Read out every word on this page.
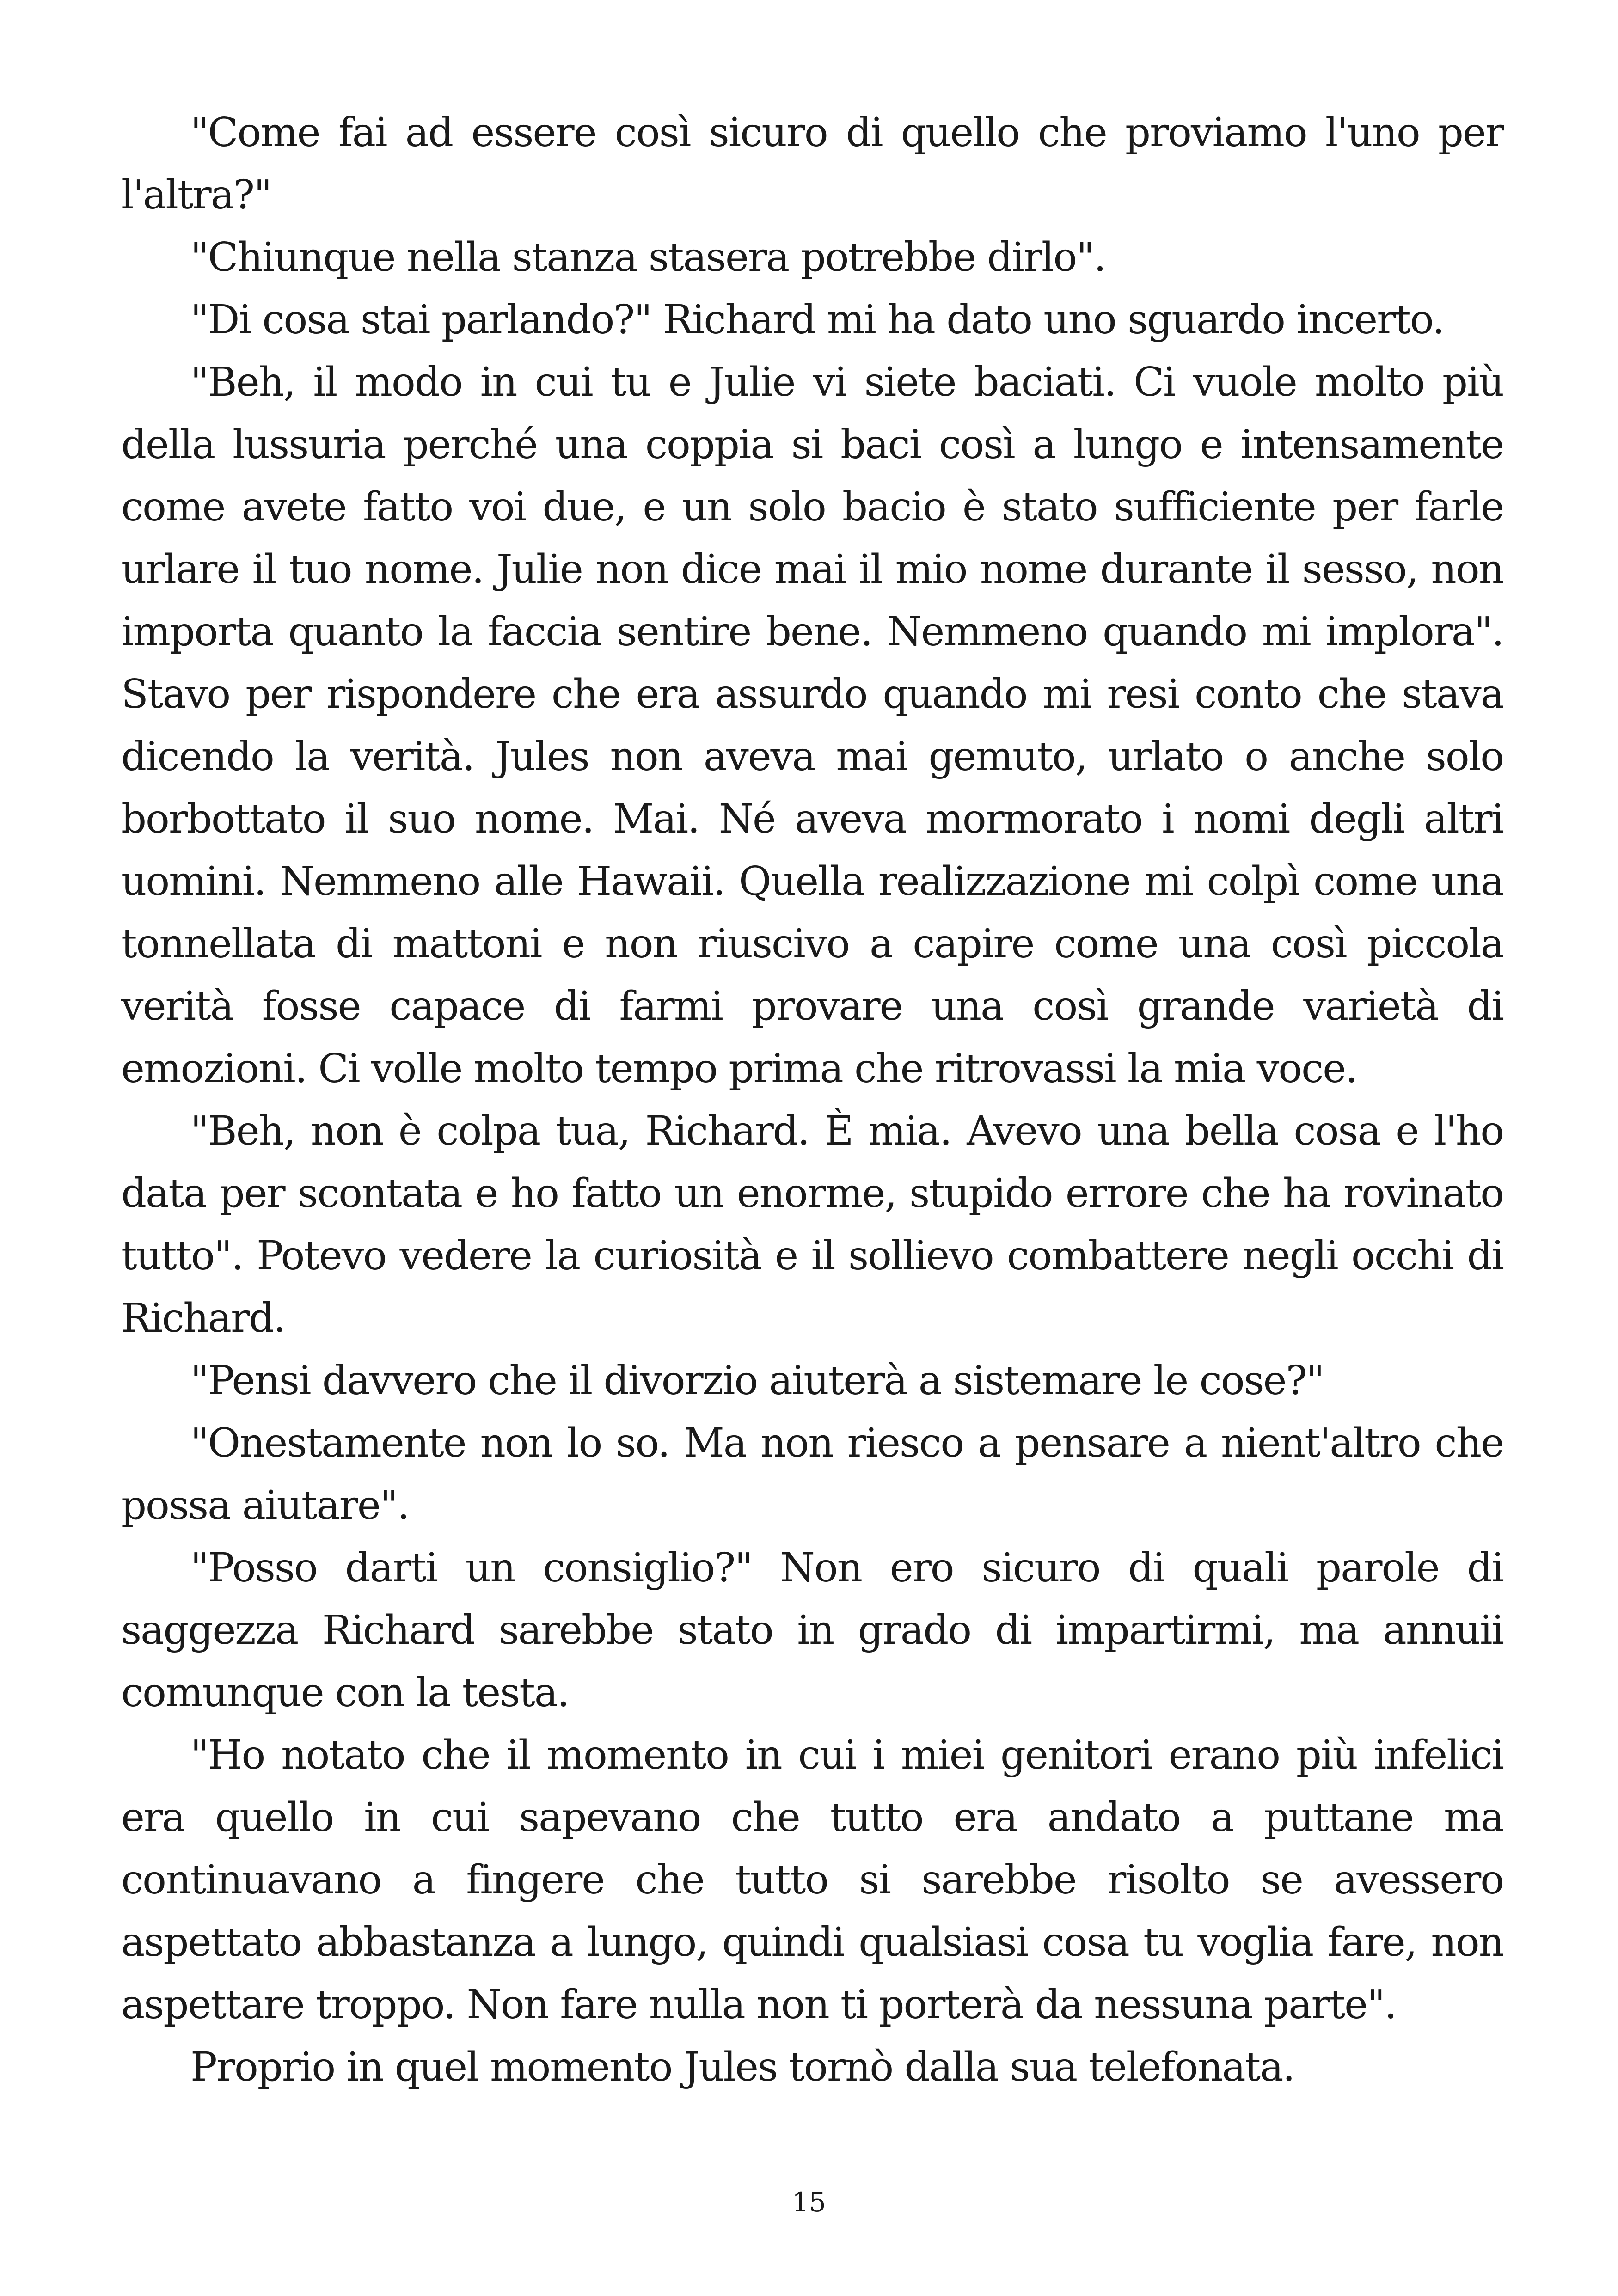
"Come fai ad essere così sicuro di quello che proviamo l'uno per l'altra?"

"Chiunque nella stanza stasera potrebbe dirlo".

"Di cosa stai parlando?" Richard mi ha dato uno sguardo incerto.

"Beh, il modo in cui tu e Julie vi siete baciati. Ci vuole molto più della lussuria perché una coppia si baci così a lungo e intensamente come avete fatto voi due, e un solo bacio è stato sufficiente per farle urlare il tuo nome. Julie non dice mai il mio nome durante il sesso, non importa quanto la faccia sentire bene. Nemmeno quando mi implora". Stavo per rispondere che era assurdo quando mi resi conto che stava dicendo la verità. Jules non aveva mai gemuto, urlato o anche solo borbottato il suo nome. Mai. Né aveva mormorato i nomi degli altri uomini. Nemmeno alle Hawaii. Quella realizzazione mi colpì come una tonnellata di mattoni e non riuscivo a capire come una così piccola verità fosse capace di farmi provare una così grande varietà di emozioni. Ci volle molto tempo prima che ritrovassi la mia voce.

"Beh, non è colpa tua, Richard. È mia. Avevo una bella cosa e l'ho data per scontata e ho fatto un enorme, stupido errore che ha rovinato tutto". Potevo vedere la curiosità e il sollievo combattere negli occhi di Richard.

"Pensi davvero che il divorzio aiuterà a sistemare le cose?"

"Onestamente non lo so. Ma non riesco a pensare a nient'altro che possa aiutare".

"Posso darti un consiglio?" Non ero sicuro di quali parole di saggezza Richard sarebbe stato in grado di impartirmi, ma annuii comunque con la testa.

"Ho notato che il momento in cui i miei genitori erano più infelici era quello in cui sapevano che tutto era andato a puttane ma continuavano a fingere che tutto si sarebbe risolto se avessero aspettato abbastanza a lungo, quindi qualsiasi cosa tu voglia fare, non aspettare troppo. Non fare nulla non ti porterà da nessuna parte".

Proprio in quel momento Jules tornò dalla sua telefonata.

15
